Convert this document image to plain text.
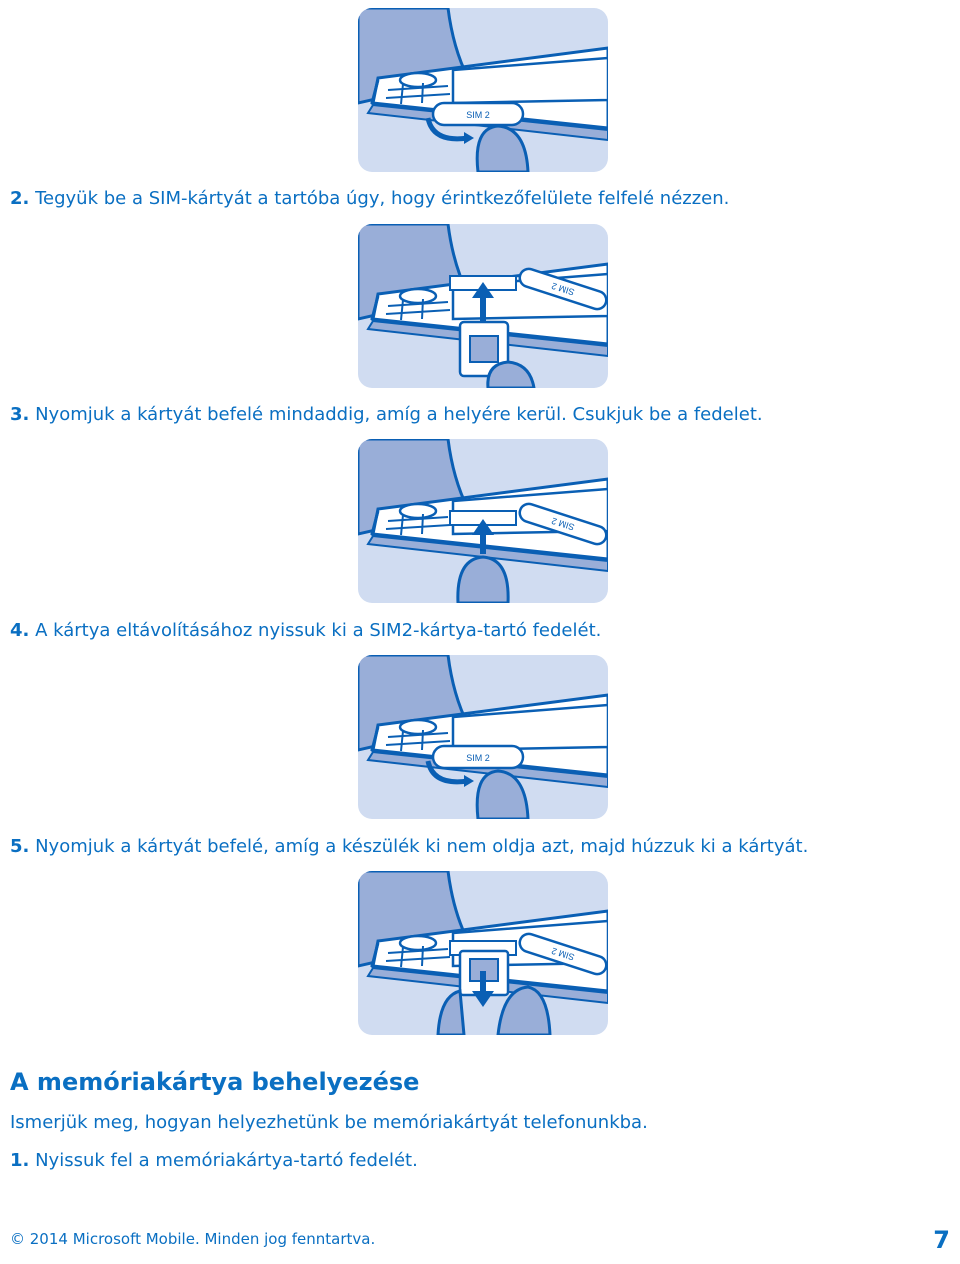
SIM 2

2. Tegyük be a SIM-kártyát a tartóba úgy, hogy érintkezőfelülete felfelé nézzen.

SIM 2

3. Nyomjuk a kártyát befelé mindaddig, amíg a helyére kerül. Csukjuk be a fedelet.

SIM 2

4. A kártya eltávolításához nyissuk ki a SIM2-kártya-tartó fedelét.

SIM 2

5. Nyomjuk a kártyát befelé, amíg a készülék ki nem oldja azt, majd húzzuk ki a kártyát.

SIM 2
A memóriakártya behelyezése

Ismerjük meg, hogyan helyezhetünk be memóriakártyát telefonunkba.

1. Nyissuk fel a memóriakártya-tartó fedelét.

© 2014 Microsoft Mobile. Minden jog fenntartva.	7
